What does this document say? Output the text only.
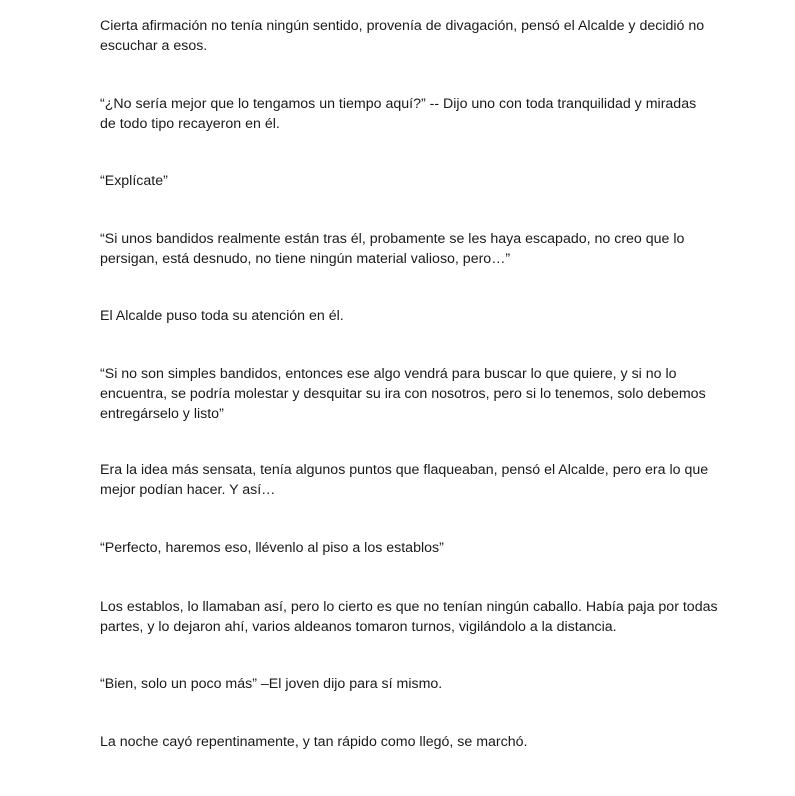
Cierta afirmación no tenía ningún sentido, provenía de divagación, pensó el Alcalde y decidió no
escuchar a esos.

“¿No sería mejor que lo tengamos un tiempo aquí?” -- Dijo uno con toda tranquilidad y miradas
de todo tipo recayeron en él.

“Explícate”

“Si unos bandidos realmente están tras él, probamente se les haya escapado, no creo que lo
persigan, está desnudo, no tiene ningún material valioso, pero…”

El Alcalde puso toda su atención en él.

“Si no son simples bandidos, entonces ese algo vendrá para buscar lo que quiere, y si no lo
encuentra, se podría molestar y desquitar su ira con nosotros, pero si lo tenemos, solo debemos
entregárselo y listo”

Era la idea más sensata, tenía algunos puntos que flaqueaban, pensó el Alcalde, pero era lo que
mejor podían hacer. Y así…

“Perfecto, haremos eso, llévenlo al piso a los establos”

Los establos, lo llamaban así, pero lo cierto es que no tenían ningún caballo. Había paja por todas
partes, y lo dejaron ahí, varios aldeanos tomaron turnos, vigilándolo a la distancia.

“Bien, solo un poco más” –El joven dijo para sí mismo.

La noche cayó repentinamente, y tan rápido como llegó, se marchó.
